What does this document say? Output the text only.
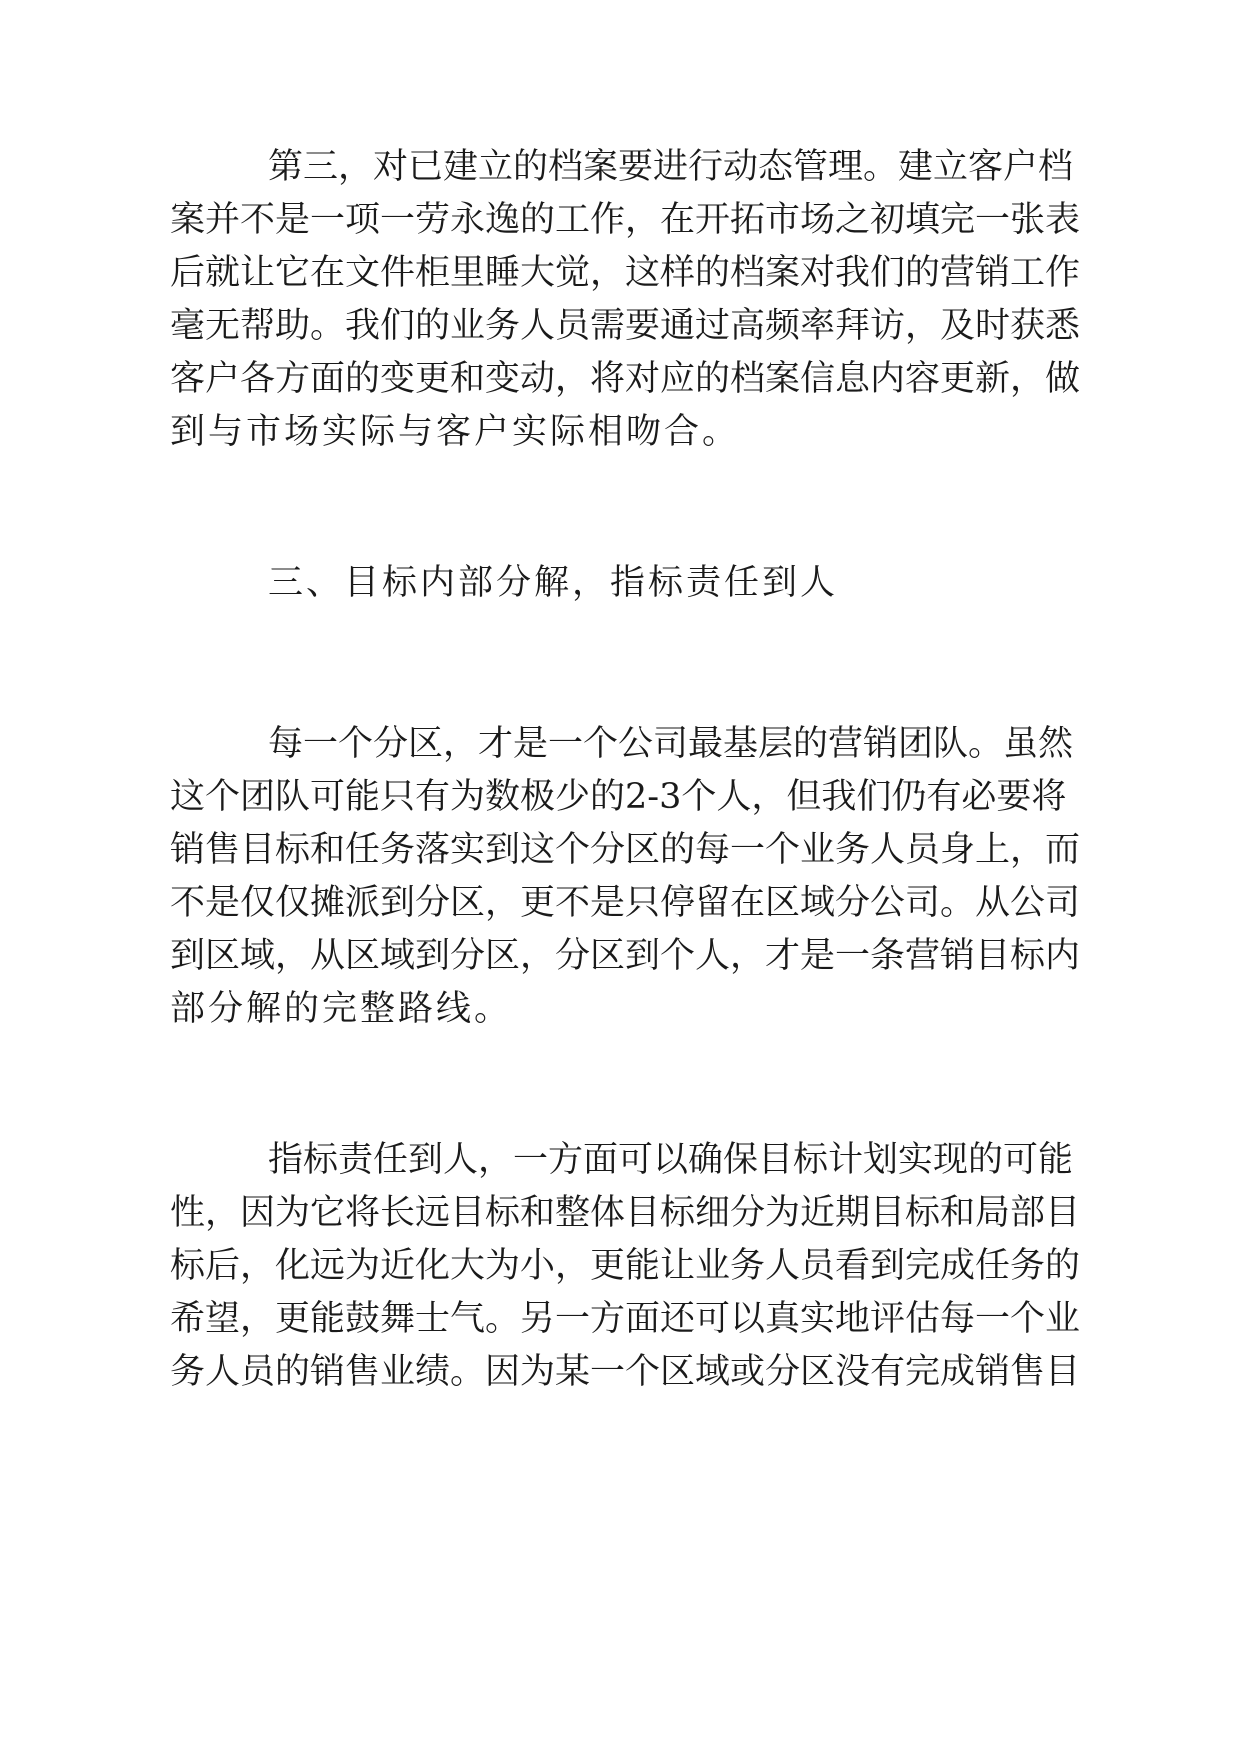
第三，对已建立的档案要进行动态管理。建立客户档
案并不是一项一劳永逸的工作，在开拓市场之初填完一张表
后就让它在文件柜里睡大觉，这样的档案对我们的营销工作
毫无帮助。我们的业务人员需要通过高频率拜访，及时获悉
客户各方面的变更和变动，将对应的档案信息内容更新，做
到与市场实际与客户实际相吻合。
三、目标内部分解，指标责任到人
每一个分区，才是一个公司最基层的营销团队。虽然
这个团队可能只有为数极少的2-3个人，但我们仍有必要将
销售目标和任务落实到这个分区的每一个业务人员身上，而
不是仅仅摊派到分区，更不是只停留在区域分公司。从公司
到区域，从区域到分区，分区到个人，才是一条营销目标内
部分解的完整路线。
指标责任到人，一方面可以确保目标计划实现的可能
性，因为它将长远目标和整体目标细分为近期目标和局部目
标后，化远为近化大为小，更能让业务人员看到完成任务的
希望，更能鼓舞士气。另一方面还可以真实地评估每一个业
务人员的销售业绩。因为某一个区域或分区没有完成销售目
